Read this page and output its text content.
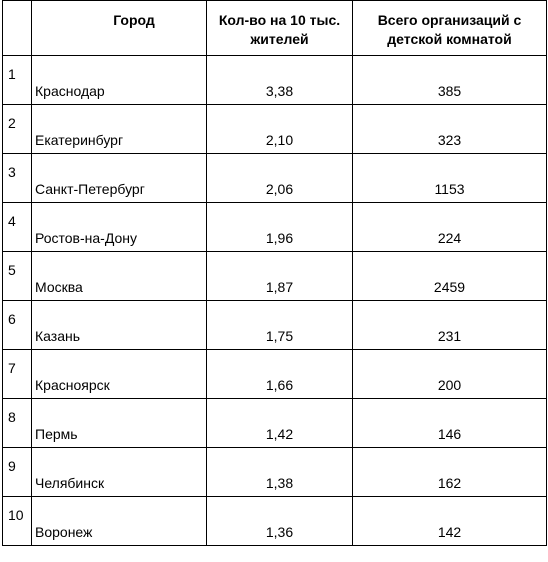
	Город	Кол-во на 10 тыс. жителей	Всего организаций с детской комнатой
1	Краснодар	3,38	385
2	Екатеринбург	2,10	323
3	Санкт-Петербург	2,06	1153
4	Ростов-на-Дону	1,96	224
5	Москва	1,87	2459
6	Казань	1,75	231
7	Красноярск	1,66	200
8	Пермь	1,42	146
9	Челябинск	1,38	162
10	Воронеж	1,36	142
